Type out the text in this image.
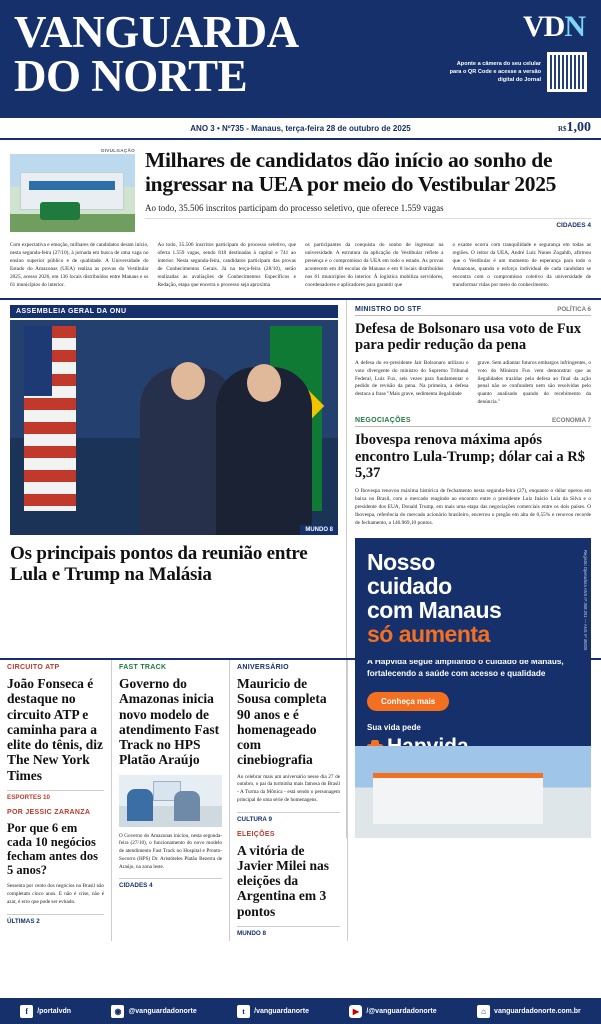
VANGUARDA
DO NORTE
VDN
Aponte a câmera do seu celular para o QR Code e acesse a versão digital do Jornal
ANO 3 • Nº735 - Manaus, terça-feira 28 de outubro de 2025	R$1,00
DIVULGAÇÃO Milhares de candidatos dão início ao sonho de ingressar na UEA por meio do Vestibular 2025
Ao todo, 35.506 inscritos participam do processo seletivo, que oferece 1.559 vagas
CIDADES 4

Com expectativa e emoção, milhares de candidatos deram início, nesta segunda-feira (27/10), à jornada em busca de uma vaga no ensino superior público e de qualidade. A Universidade do Estado do Amazonas (UEA) realiza as provas do Vestibular 2025, acesso 2026, em 136 locais distribuídos entre Manaus e os 61 municípios do interior.

Ao todo, 35.506 inscritos participam do processo seletivo, que oferta 1.559 vagas, sendo 818 destinadas à capital e 741 ao interior. Nesta segunda-feira, candidatos participam das provas de Conhecimentos Gerais. Já na terça-feira (28/10), serão realizadas as avaliações de Conhecimentos Específicos e Redação, etapa que encerra o processo seja aproxima

os participantes da conquista do sonho de ingressar na universidade. A estrutura da aplicação do Vestibular reflete a presença e o compromisso da UEA em todo o estado. As provas acontecem em 48 escolas de Manaus e em 8 locais distribuídos nos 61 municípios do interior. À logística mobiliza servidores, coordenadores e aplicadores para garantir que

o exame ocorra com tranquilidade e segurança em todas as regiões. O reitor da UEA, André Luiz Nunes Zogahib, afirmou que o Vestibular é um momento de esperança para todo o Amazonas, quando o esforço individual de cada candidato se encontra com o compromisso coletivo da universidade de transformar vidas por meio do conhecimento.

ASSEMBLEIA GERAL DA ONU
MUNDO 8
Os principais pontos da reunião entre Lula e Trump na Malásia
MINISTRO DO STF	POLÍTICA 6
Defesa de Bolsonaro usa voto de Fux para pedir redução da pena

A defesa do ex-presidente Jair Bolsonaro utilizou o voto divergente do ministro do Supremo Tribunal Federal, Luiz Fux, seis vezes para fundamentar o pedido de revisão da pena. Na primeira, a defesa destaca a frase "Mais grave, sedimenta ilegalidade

grave. Sem adiantar futuros embargos infringentes, o voto do Ministro Fux vem demonstrar que as ilegalidades trazidas pela defesa ao final da ação penal não se confundem nem são resolvidas pelo quanto analisado quando do recebimento da denúncia."

NEGOCIAÇÕES	ECONOMIA 7
Ibovespa renova máxima após encontro Lula-Trump; dólar cai a R$ 5,37
O Ibovespa renovou máxima histórica de fechamento nesta segunda-feira (27), enquanto o dólar operou em baixa no Brasil, com o mercado reagindo ao encontro entre o presidente Luiz Inácio Lula da Silva e o presidente dos EUA, Donald Trump, em mais uma etapa das negociações comerciais entre os dois países. O Ibovespa, referência do mercado acionário brasileiro, encerrou o pregão em alta de 0,55% e renovou recorde de fechamento, a 146.969,10 pontos.
Registro Operadora ANS nº 368.261 — ANS nº 36825
Nosso
cuidado
com Manaus
só aumenta

A Hapvida segue ampliando o cuidado de Manaus, fortalecendo a saúde com acesso e qualidade

Conheça mais
Sua vida pede
CIRCUITO ATP
João Fonseca é destaque no circuito ATP e caminha para a elite do tênis, diz The New York Times
ESPORTES 10
POR JESSIC ZARANZA
Por que 6 em cada 10 negócios fecham antes dos 5 anos?

Sessenta por cento dos negócios no Brasil não completam cinco anos. E não é crise, não é azar, é erro que pode ser evitado.

ÚLTIMAS 2
FAST TRACK
Governo do Amazonas inicia novo modelo de atendimento Fast Track no HPS Platão Araújo

O Governo do Amazonas iniciou, nesta segunda-feira (27/10), o funcionamento do novo modelo de atendimento Fast Track no Hospital e Pronto-Socorro (HPS) Dr. Aristóteles Platão Bezerra de Araújo, na zona leste.

CIDADES 4
ANIVERSÁRIO
Mauricio de Sousa completa 90 anos e é homenageado com cinebiografia

Ao celebrar mais um aniversário nesse dia 27 de outubro, o pai da turminha mais famosa do Brasil - A Turma da Mônica - está sendo o personagem principal de uma série de homenagens.

CULTURA 9
ELEIÇÕES
A vitória de Javier Milei nas eleições da Argentina em 3 pontos
MUNDO 8
f	/portalvdn	◉	@vanguardadonorte	t	/vanguardanorte	▶	/@vanguardadonorte	⌂	vanguardadonorte.com.br
